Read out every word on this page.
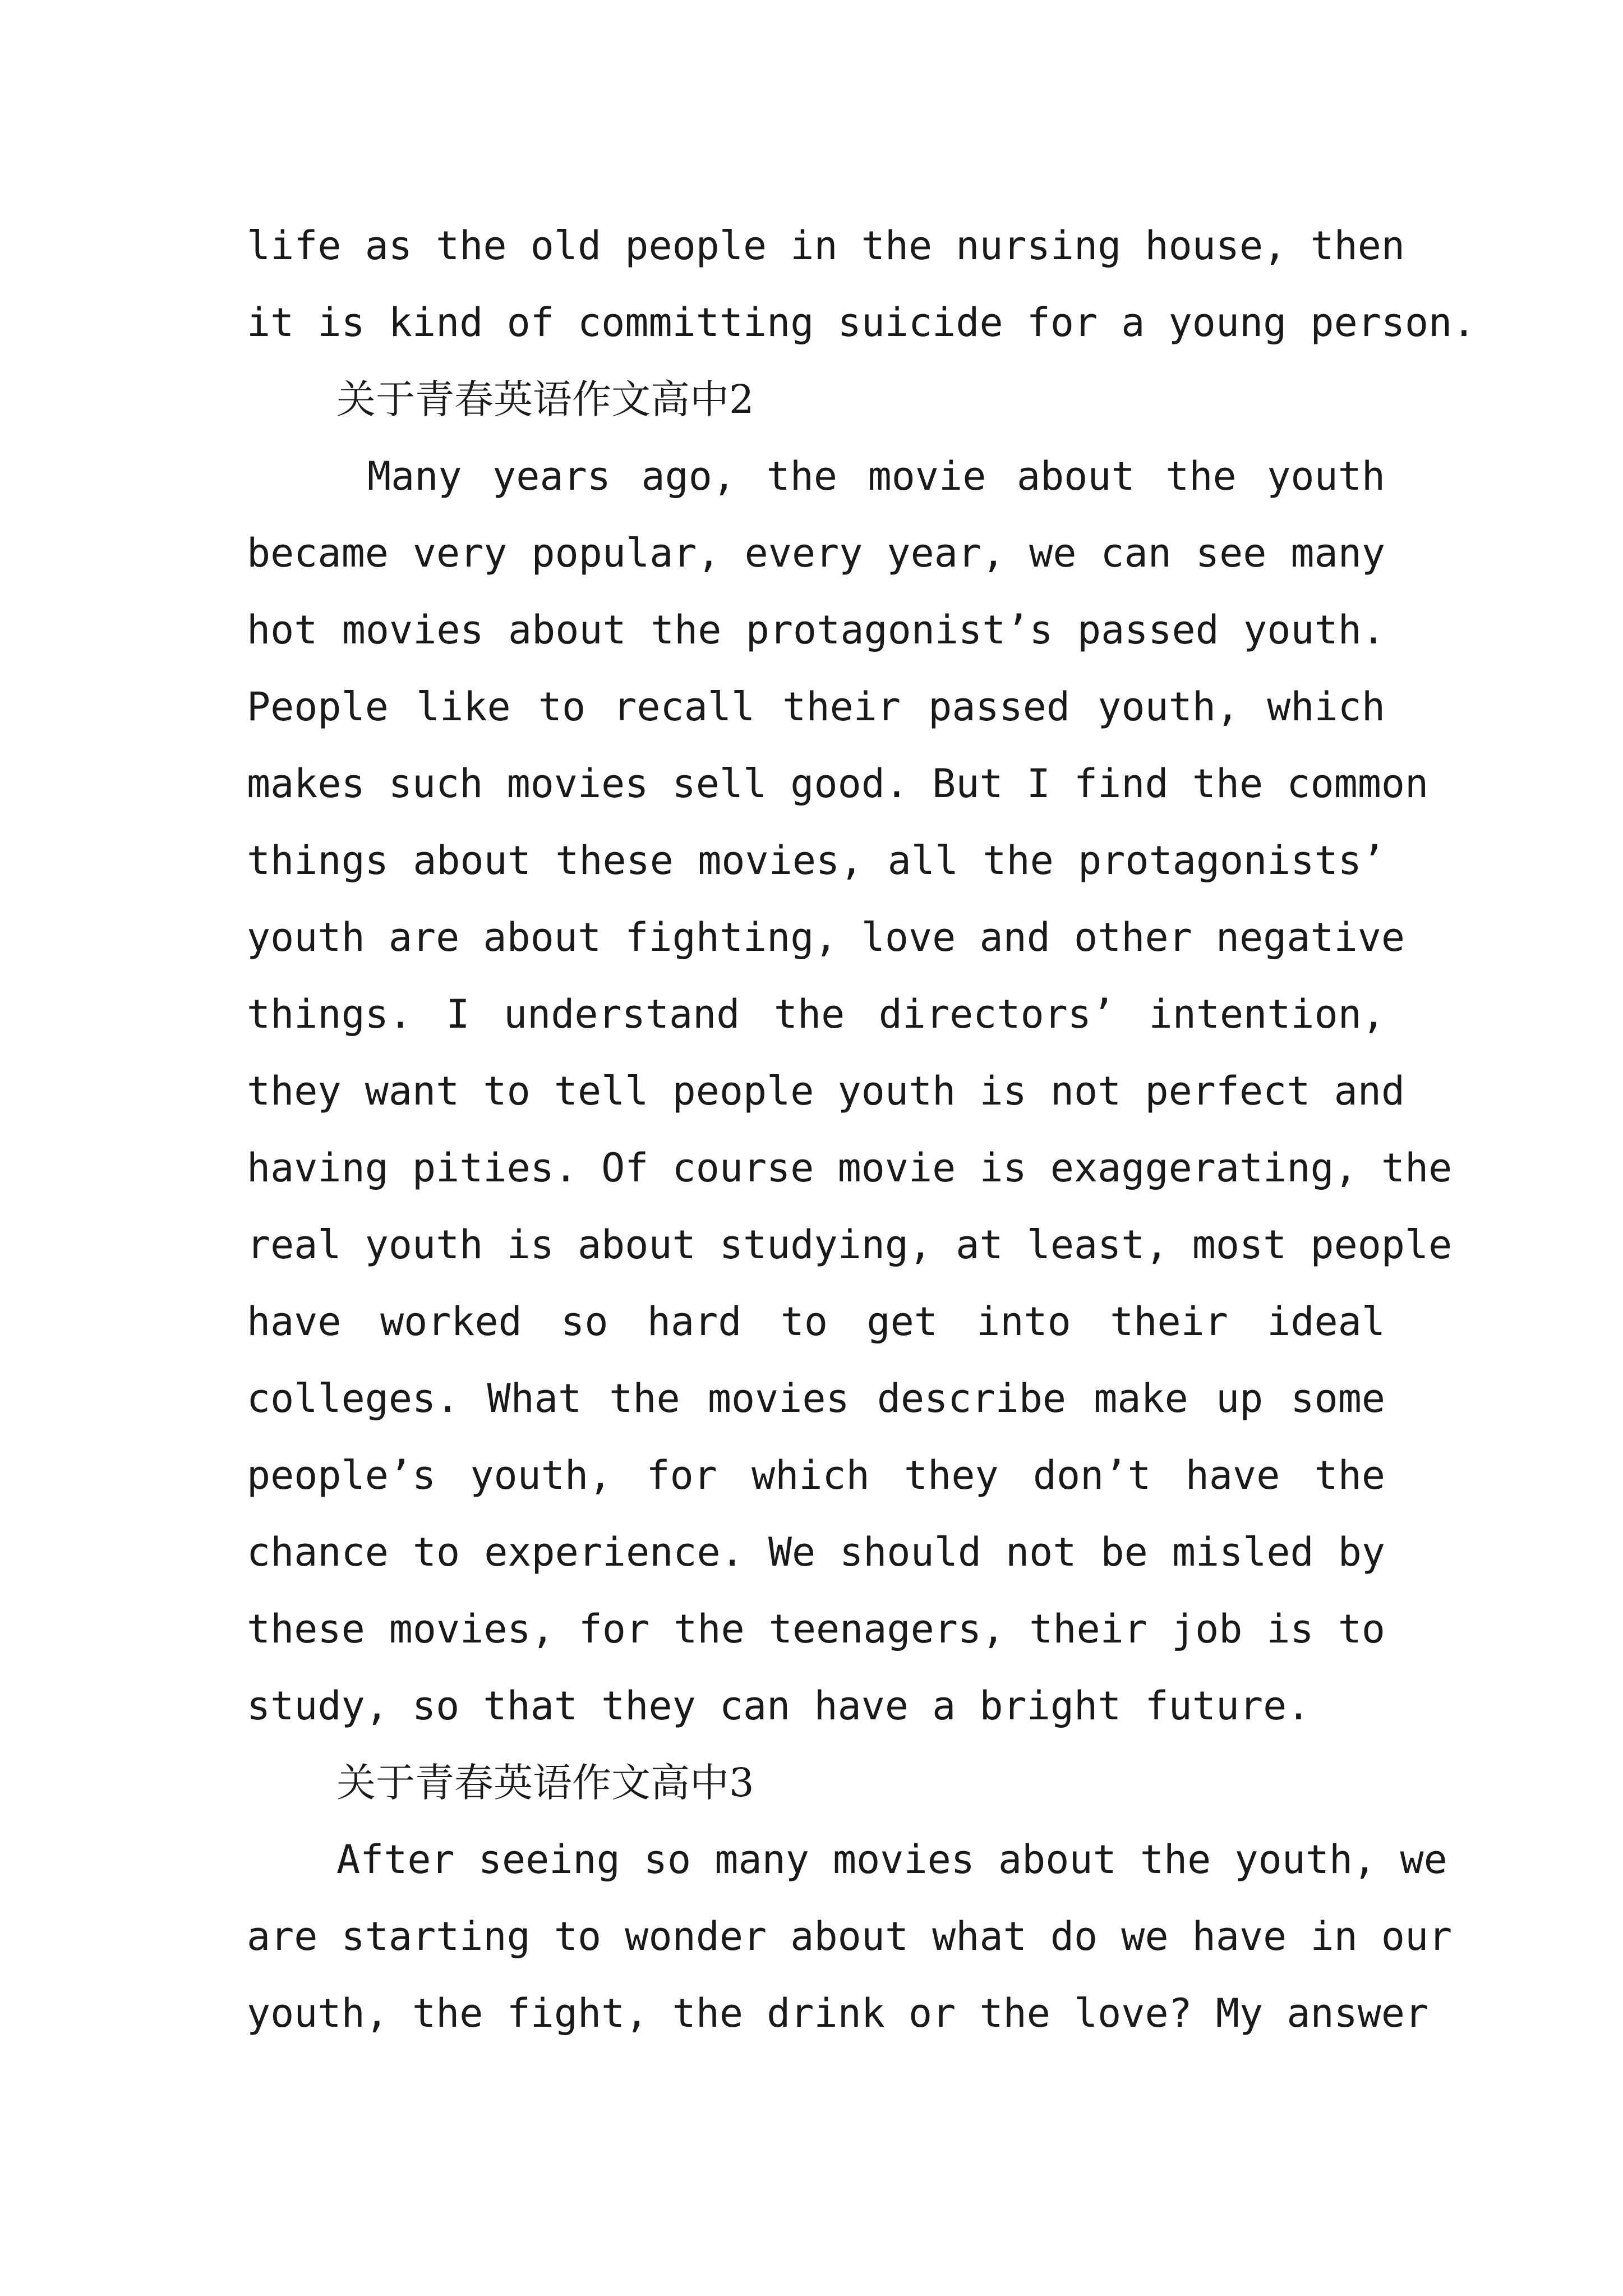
life as the old people in the nursing house, then
it is kind of committing suicide for a young person.
关于青春英语作文高中2
Many years ago, the movie about the youth
became very popular, every year, we can see many
hot movies about the protagonist’s passed youth.
People like to recall their passed youth, which
makes such movies sell good. But I find the common
things about these movies, all the protagonists’
youth are about fighting, love and other negative
things. I understand the directors’ intention,
they want to tell people youth is not perfect and
having pities. Of course movie is exaggerating, the
real youth is about studying, at least, most people
have worked so hard to get into their ideal
colleges. What the movies describe make up some
people’s youth, for which they don’t have the
chance to experience. We should not be misled by
these movies, for the teenagers, their job is to
study, so that they can have a bright future.
关于青春英语作文高中3
After seeing so many movies about the youth, we
are starting to wonder about what do we have in our
youth, the fight, the drink or the love? My answer
